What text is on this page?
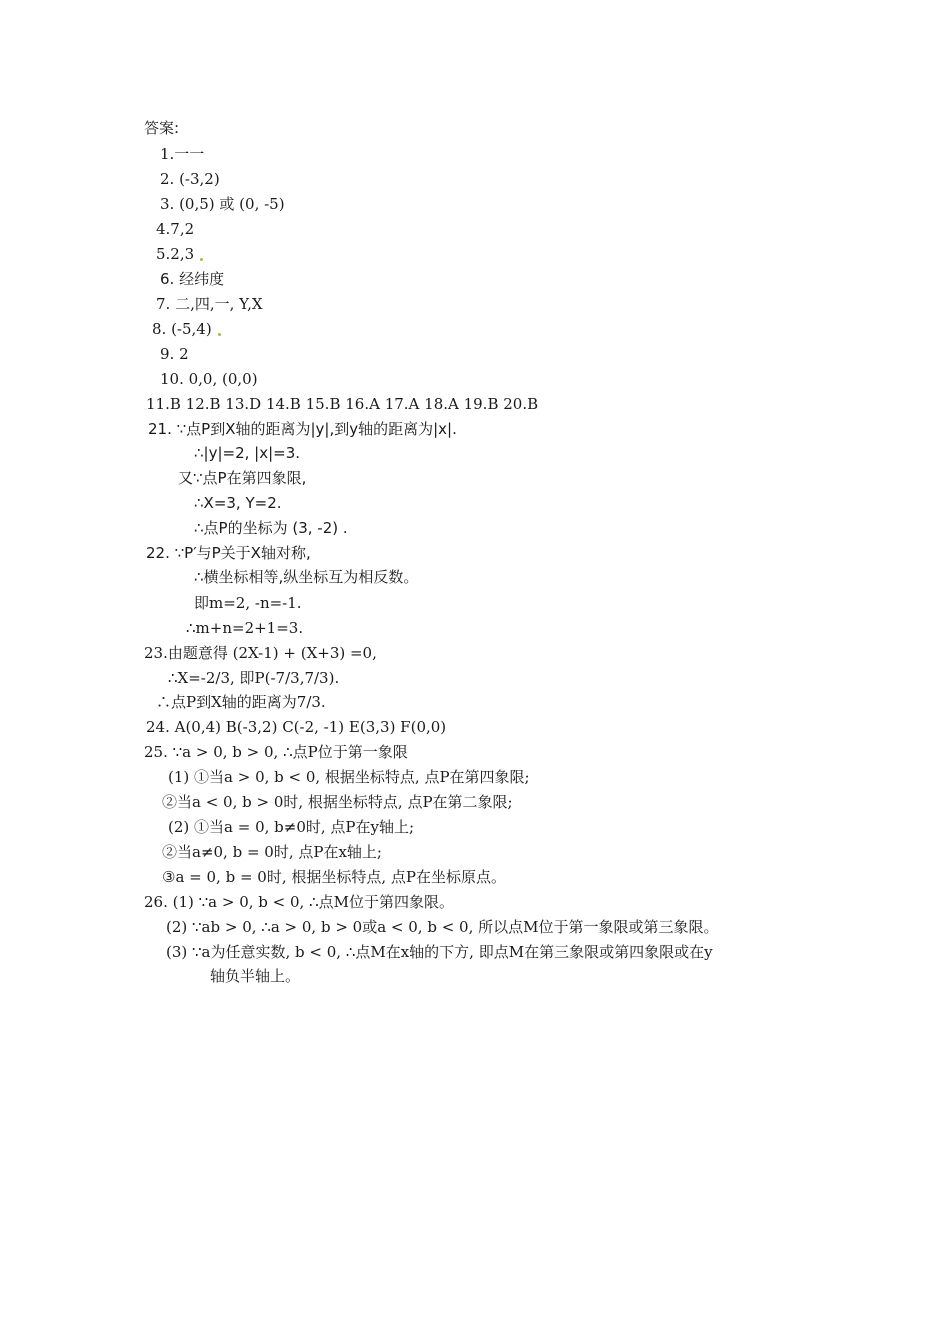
答案:
1.一一
2. (-3,2)
3. (0,5) 或 (0, -5)
4.7,2
5.2,3
6. 经纬度
7. 二,四,一, Y,X
8. (-5,4)
9. 2
10. 0,0, (0,0)
11.B 12.B 13.D 14.B 15.B 16.A 17.A 18.A 19.B 20.B
21. ∵点P到X轴的距离为|y|,到y轴的距离为|x|.
∴|y|=2, |x|=3.
又∵点P在第四象限,
∴X=3, Y=2.
∴点P的坐标为 (3, -2) .
22. ∵P′与P关于X轴对称,
∴横坐标相等,纵坐标互为相反数。
即m=2, -n=-1.
∴m+n=2+1=3.
23.由题意得 (2X-1) + (X+3) =0,
∴X=-2/3, 即P(-7/3,7/3).
∴点P到X轴的距离为7/3.
24. A(0,4) B(-3,2) C(-2, -1) E(3,3) F(0,0)
25. ∵a > 0, b > 0, ∴点P位于第一象限
(1) ①当a > 0, b < 0, 根据坐标特点, 点P在第四象限;
②当a < 0, b > 0时, 根据坐标特点, 点P在第二象限;
(2) ①当a = 0, b≠0时, 点P在y轴上;
②当a≠0, b = 0时, 点P在x轴上;
③a = 0, b = 0时, 根据坐标特点, 点P在坐标原点。
26. (1) ∵a > 0, b < 0, ∴点M位于第四象限。
(2) ∵ab > 0, ∴a > 0, b > 0或a < 0, b < 0, 所以点M位于第一象限或第三象限。
(3) ∵a为任意实数, b < 0, ∴点M在x轴的下方, 即点M在第三象限或第四象限或在y
轴负半轴上。
